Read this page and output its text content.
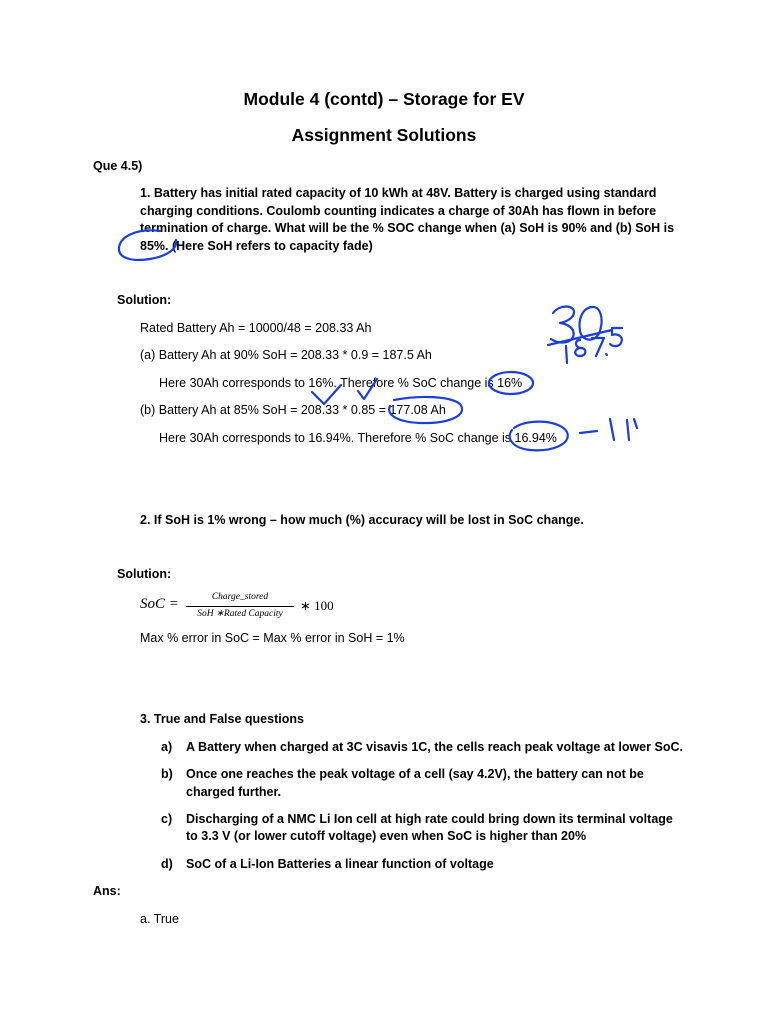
Module 4 (contd) – Storage for EV
Assignment Solutions
Que 4.5)
1. Battery has initial rated capacity of 10 kWh at 48V. Battery is charged using standard
charging conditions. Coulomb counting indicates a charge of 30Ah has flown in before
termination of charge. What will be the % SOC change when (a) SoH is 90% and (b) SoH is
85%. (Here SoH refers to capacity fade)
Solution:
Rated Battery Ah = 10000/48 = 208.33 Ah
(a) Battery Ah at 90% SoH = 208.33 * 0.9 = 187.5 Ah
Here 30Ah corresponds to 16%. Therefore % SoC change is 16%
(b) Battery Ah at 85% SoH = 208.33 * 0.85 = 177.08 Ah
Here 30Ah corresponds to 16.94%. Therefore % SoC change is 16.94%
2. If SoH is 1% wrong – how much (%) accuracy will be lost in SoC change.
Solution:
SoC =	Charge_stored
SoH ∗Rated Capacity
∗ 100
Max % error in SoC = Max % error in SoH = 1%
3. True and False questions
a) A Battery when charged at 3C visavis 1C, the cells reach peak voltage at lower SoC.
b) Once one reaches the peak voltage of a cell (say 4.2V), the battery can not be
charged further.
c) Discharging of a NMC Li Ion cell at high rate could bring down its terminal voltage
to 3.3 V (or lower cutoff voltage) even when SoC is higher than 20%
d) SoC of a Li-Ion Batteries a linear function of voltage
Ans:
a. True
